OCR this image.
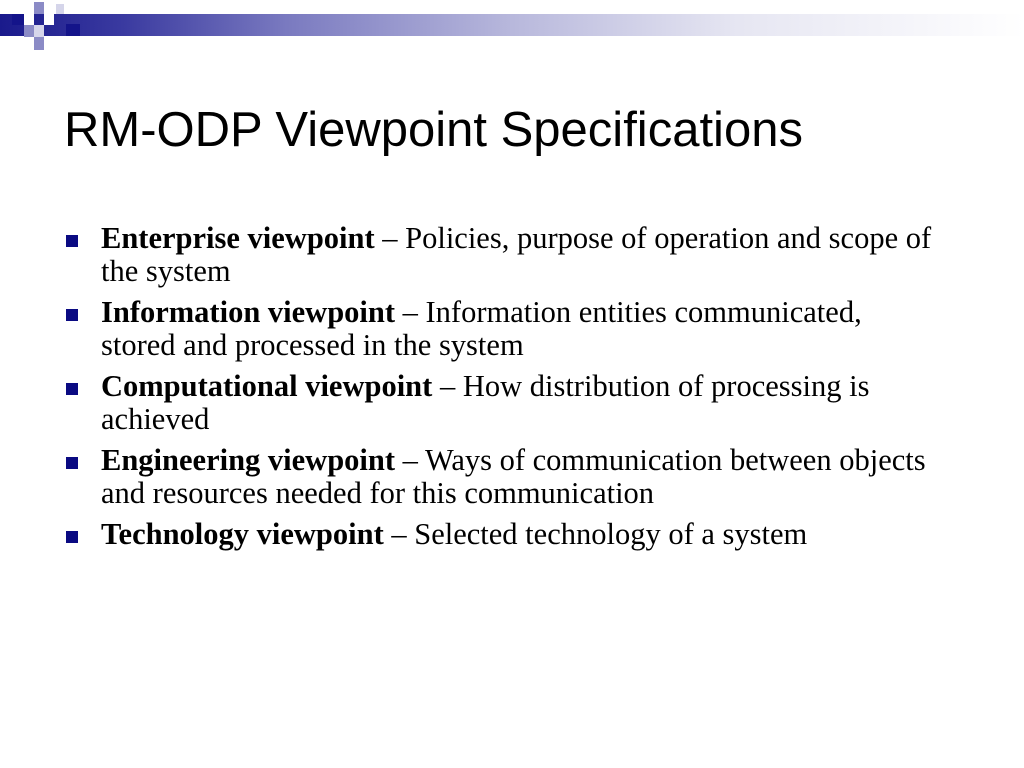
RM-ODP Viewpoint Specifications
Enterprise viewpoint – Policies, purpose of operation and scope of the system
Information viewpoint – Information entities communicated, stored and processed in the system
Computational viewpoint – How distribution of processing is achieved
Engineering viewpoint – Ways of communication between objects and resources needed for this communication
Technology viewpoint – Selected technology of a system
